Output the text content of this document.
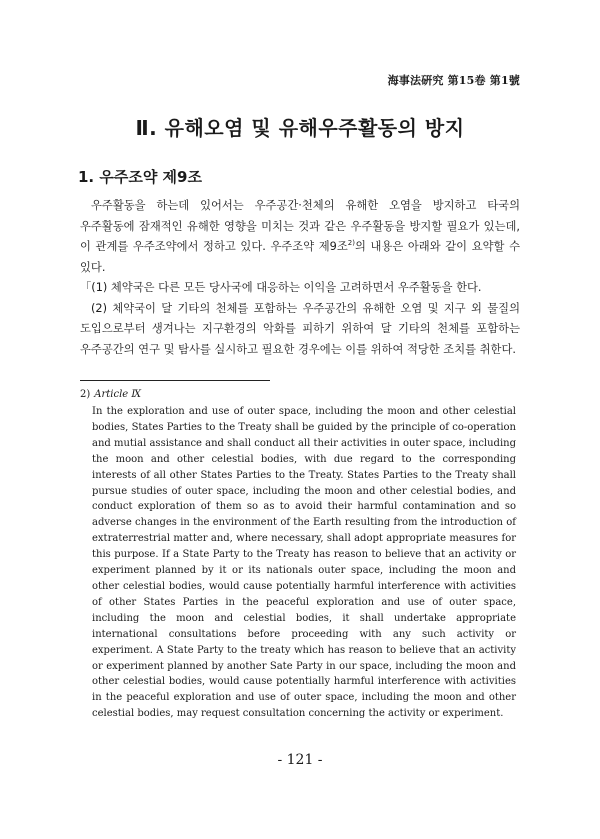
海事法硏究 第15卷 第1號
Ⅱ. 유해오염 및 유해우주활동의 방지
1. 우주조약 제9조

우주활동을 하는데 있어서는 우주공간·천체의 유해한 오염을 방지하고 타국의 우주활동에 잠재적인 유해한 영향을 미치는 것과 같은 우주활동을 방지할 필요가 있는데, 이 관계를 우주조약에서 정하고 있다. 우주조약 제9조$^{2)}$의 내용은 아래와 같이 요약할 수 있다.

「(1) 체약국은 다른 모든 당사국에 대응하는 이익을 고려하면서 우주활동을 한다.

(2) 체약국이 달 기타의 천체를 포함하는 우주공간의 유해한 오염 및 지구 외 물질의 도입으로부터 생겨나는 지구환경의 악화를 피하기 위하여 달 기타의 천체를 포함하는 우주공간의 연구 및 탐사를 실시하고 필요한 경우에는 이를 위하여 적당한 조치를 취한다.

2) Article Ⅸ
In the exploration and use of outer space, including the moon and other celestial bodies, States Parties to the Treaty shall be guided by the principle of co-operation and mutial assistance and shall conduct all their activities in outer space, including the moon and other celestial bodies, with due regard to the corresponding interests of all other States Parties to the Treaty. States Parties to the Treaty shall pursue studies of outer space, including the moon and other celestial bodies, and conduct exploration of them so as to avoid their harmful contamination and so adverse changes in the environment of the Earth resulting from the introduction of extraterrestrial matter and, where necessary, shall adopt appropriate measures for this purpose. If a State Party to the Treaty has reason to believe that an activity or experiment planned by it or its nationals outer space, including the moon and other celestial bodies, would cause potentially harmful interference with activities of other States Parties in the peaceful exploration and use of outer space, including the moon and celestial bodies, it shall undertake appropriate international consultations before proceeding with any such activity or experiment. A State Party to the treaty which has reason to believe that an activity or experiment planned by another Sate Party in our space, including the moon and other celestial bodies, would cause potentially harmful interference with activities in the peaceful exploration and use of outer space, including the moon and other celestial bodies, may request consultation concerning the activity or experiment.
- 121 -
